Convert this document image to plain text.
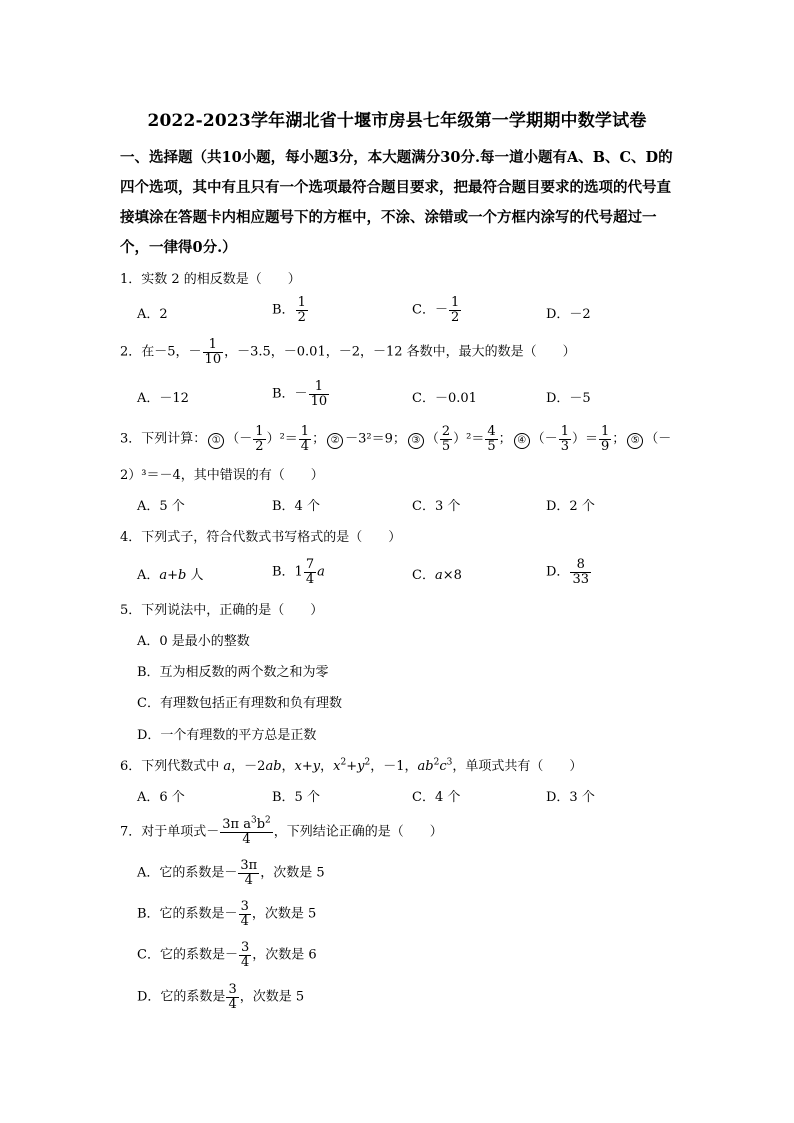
2022-2023学年湖北省十堰市房县七年级第一学期期中数学试卷
一、选择题（共10小题，每小题3分，本大题满分30分.每一道小题有A、B、C、D的四个选项，其中有且只有一个选项最符合题目要求，把最符合题目要求的选项的代号直接填涂在答题卡内相应题号下的方框中，不涂、涂错或一个方框内涂写的代号超过一个，一律得0分.）
1．实数 2 的相反数是（　　）
A．2	B． $\frac{1}{2}$	C．－ $\frac{1}{2}$	D．－2
2．在－5，－ $\frac{1}{10}$ ，－3.5，－0.01，－2，－12 各数中，最大的数是（　　）
A．－12	B．－ $\frac{1}{10}$	C．－0.01	D．－5
3．下列计算： ① （－ $\frac{1}{2} )^2= \frac{1}{4}$ ； ② －3²＝9； ③ （ $\frac{2}{5} )^2= \frac{4}{5}$ ； ④ （－ $\frac{1}{3}$ ）＝ $\frac{1}{9}$ ； ⑤ （－
2）³＝－4，其中错误的有（　　）
A．5 个	B．4 个	C．3 个	D．2 个
4．下列式子，符合代数式书写格式的是（　　）
A．a+b 人	B．$1 \frac{7}{4}$ a	C．a×8	D． $\frac{8}{33}$
5．下列说法中，正确的是（　　）
A．0 是最小的整数
B．互为相反数的两个数之和为零
C．有理数包括正有理数和负有理数
D．一个有理数的平方总是正数
6．下列代数式中 a，－2ab，x+y，$x^2+y^2$，－1，$ab^2c^3$，单项式共有（　　）
A．6 个	B．5 个	C．4 个	D．3 个
7．对于单项式－ $\frac{3\pi a^3b^2}{4}$ ，下列结论正确的是（　　）
A．它的系数是－ $\frac{3\pi}{4}$ ，次数是 5
B．它的系数是－ $\frac{3}{4}$ ，次数是 5
C．它的系数是－ $\frac{3}{4}$ ，次数是 6
D．它的系数是 $\frac{3}{4}$ ，次数是 5
